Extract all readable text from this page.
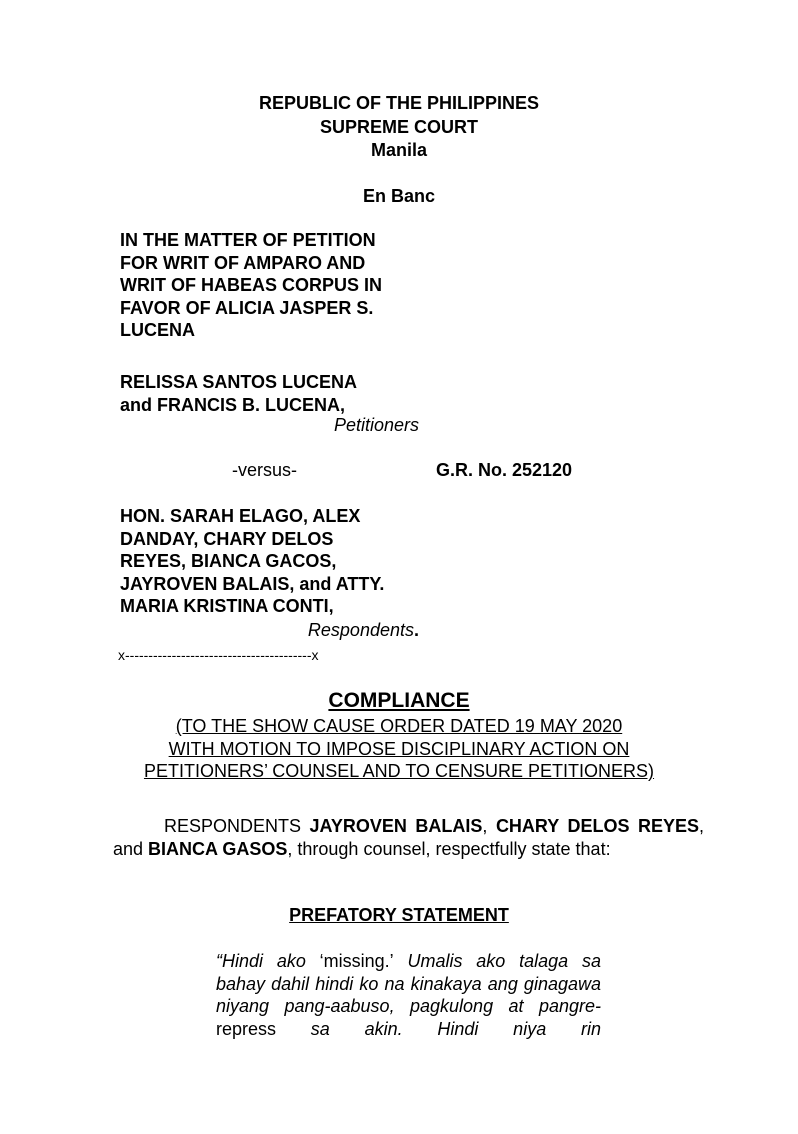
REPUBLIC OF THE PHILIPPINES
SUPREME COURT
Manila
En Banc
IN THE MATTER OF PETITION
FOR WRIT OF AMPARO AND
WRIT OF HABEAS CORPUS IN
FAVOR OF ALICIA JASPER S.
LUCENA
RELISSA SANTOS LUCENA
and FRANCIS B. LUCENA,
Petitioners
-versus-	G.R. No. 252120
HON. SARAH ELAGO, ALEX
DANDAY, CHARY DELOS
REYES, BIANCA GACOS,
JAYROVEN BALAIS, and ATTY.
MARIA KRISTINA CONTI,
Respondents.
x----------------------------------------x
COMPLIANCE
(TO THE SHOW CAUSE ORDER DATED 19 MAY 2020
WITH MOTION TO IMPOSE DISCIPLINARY ACTION ON
PETITIONERS’ COUNSEL AND TO CENSURE PETITIONERS)
RESPONDENTS JAYROVEN BALAIS, CHARY DELOS REYES, and BIANCA GASOS, through counsel, respectfully state that:
PREFATORY STATEMENT
“Hindi ako ‘missing.’ Umalis ako talaga sa bahay dahil hindi ko na kinakaya ang ginagawa niyang pang-aabuso, pagkulong at pangre-repress sa akin. Hindi niya rin
